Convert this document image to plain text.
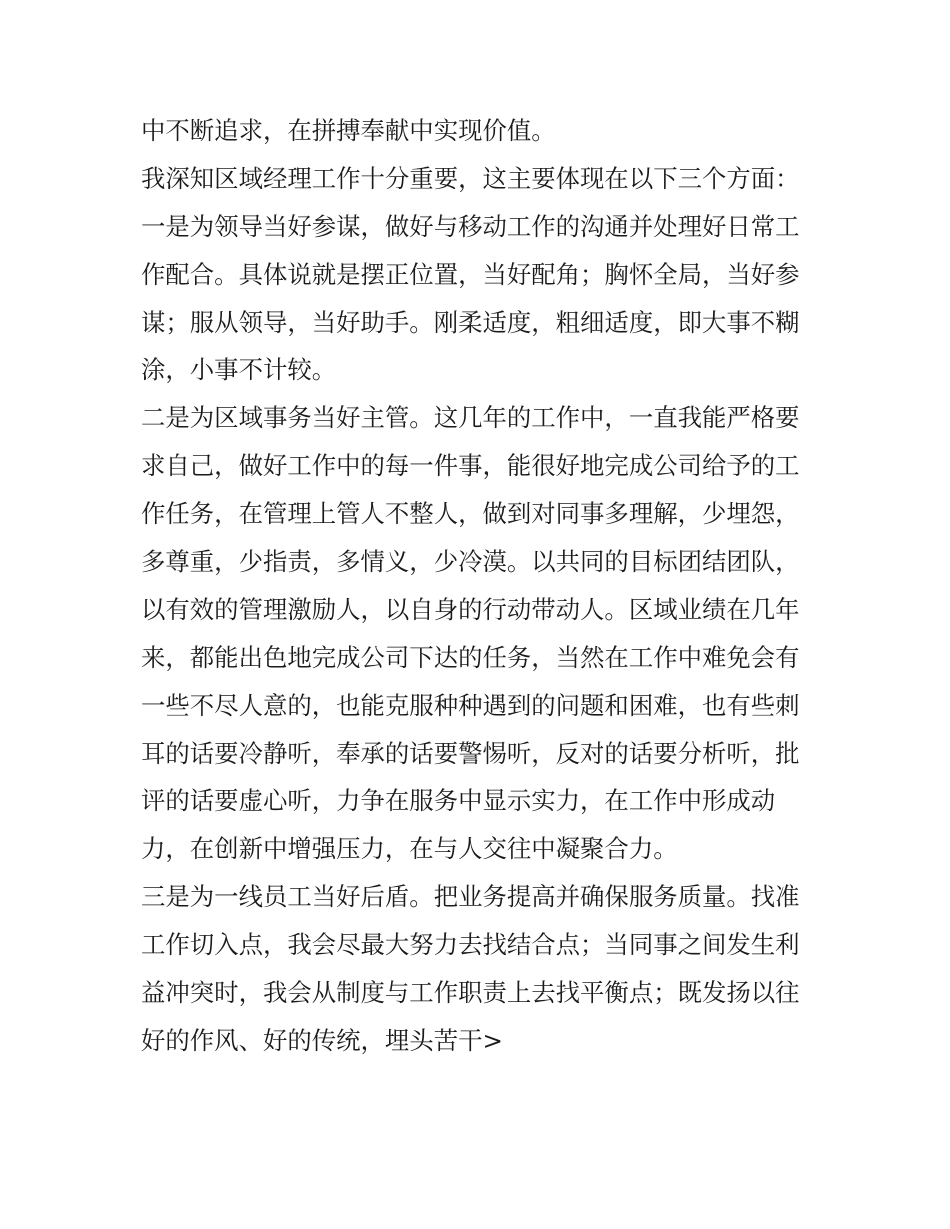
中不断追求，在拼搏奉献中实现价值。
我深知区域经理工作十分重要，这主要体现在以下三个方面：
一是为领导当好参谋，做好与移动工作的沟通并处理好日常工
作配合。具体说就是摆正位置，当好配角；胸怀全局，当好参
谋；服从领导，当好助手。刚柔适度，粗细适度，即大事不糊
涂，小事不计较。
二是为区域事务当好主管。这几年的工作中，一直我能严格要
求自己，做好工作中的每一件事，能很好地完成公司给予的工
作任务，在管理上管人不整人，做到对同事多理解，少埋怨，
多尊重，少指责，多情义，少冷漠。以共同的目标团结团队，
以有效的管理激励人，以自身的行动带动人。区域业绩在几年
来，都能出色地完成公司下达的任务，当然在工作中难免会有
一些不尽人意的，也能克服种种遇到的问题和困难，也有些刺
耳的话要冷静听，奉承的话要警惕听，反对的话要分析听，批
评的话要虚心听，力争在服务中显示实力，在工作中形成动
力，在创新中增强压力，在与人交往中凝聚合力。
三是为一线员工当好后盾。把业务提高并确保服务质量。找准
工作切入点，我会尽最大努力去找结合点；当同事之间发生利
益冲突时，我会从制度与工作职责上去找平衡点；既发扬以往
好的作风、好的传统，埋头苦干>
